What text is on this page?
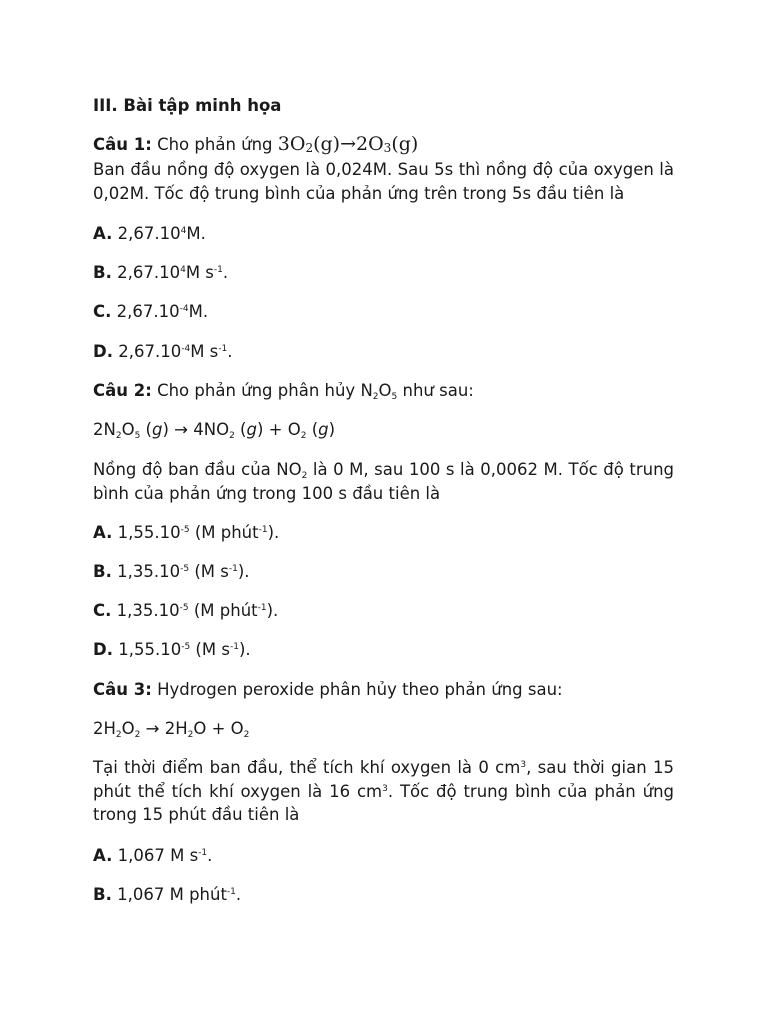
III. Bài tập minh họa

Câu 1: Cho phản ứng $3O_2(g)\to 2O_3(g)$

Ban đầu nồng độ oxygen là 0,024M. Sau 5s thì nồng độ của oxygen là 0,02M. Tốc độ trung bình của phản ứng trên trong 5s đầu tiên là

A. 2,67.10$^4$M.

B. 2,67.10$^4$M $s^{-1}$.

C. $2,67.10^{-4}M$.

D. $2,67.10^{-4}M$ $s^{-1}$.

Câu 2: Cho phản ứng phân hủy $N_2O_5$ như sau:

$2N_2O_5$ $(g) \to 4NO_2$ $(g) + O_2$ (g)

Nồng độ ban đầu của $NO_2$ là 0 M, sau 100 s là 0,0062 M. Tốc độ trung bình của phản ứng trong 100 s đầu tiên là

A. $1,55.10^{-5}$ (M phút$^{-1}$).

B. $1,35.10^{-5}$ (M $s^{-1}$).

C. $1,35.10^{-5}$ (M phút$^{-1}$).

D. $1,55.10^{-5}$ (M $s^{-1}$).

Câu 3: Hydrogen peroxide phân hủy theo phản ứng sau:

$2H_2O_2 \to 2H_2O + O_2$

Tại thời điểm ban đầu, thể tích khí oxygen là 0 $cm^3$, sau thời gian 15 phút thể tích khí oxygen là 16 $cm^3$. Tốc độ trung bình của phản ứng trong 15 phút đầu tiên là

A. 1,067 M $s^{-1}$.

B. 1,067 M phút$^{-1}$.
